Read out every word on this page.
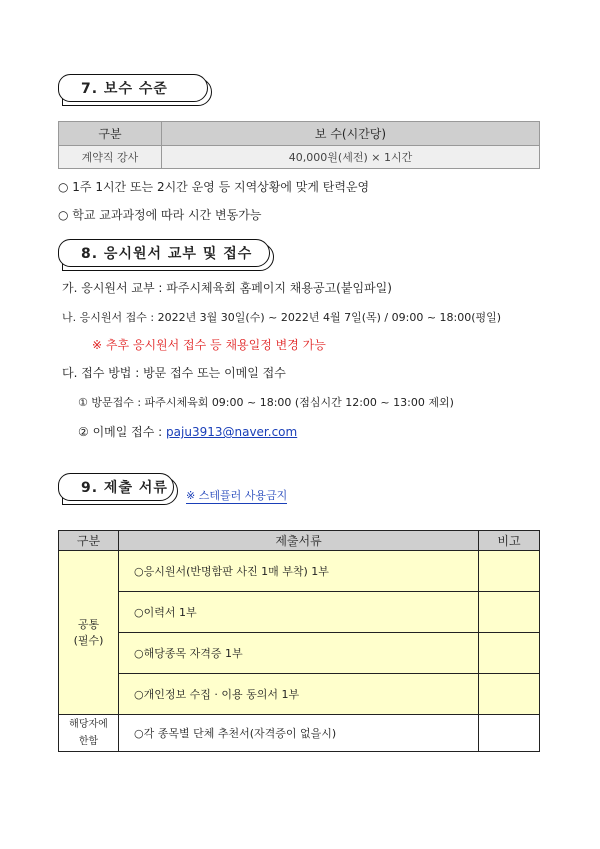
7. 보수 수준
구분	보 수(시간당)
계약직 강사	40,000원(세전) × 1시간
○ 1주 1시간 또는 2시간 운영 등 지역상황에 맞게 탄력운영
○ 학교 교과과정에 따라 시간 변동가능
8. 응시원서 교부 및 접수
가. 응시원서 교부 : 파주시체육회 홈페이지 채용공고(붙임파일)
나. 응시원서 접수 : 2022년 3월 30일(수) ~ 2022년 4월 7일(목) / 09:00 ~ 18:00(평일)
※ 추후 응시원서 접수 등 채용일정 변경 가능
다. 접수 방법 : 방문 접수 또는 이메일 접수
① 방문접수 : 파주시체육회 09:00 ~ 18:00 (점심시간 12:00 ~ 13:00 제외)
② 이메일 접수 : paju3913@naver.com
9. 제출 서류	※ 스테플러 사용금지
구분	제출서류	비고
공통
(필수)	○응시원서(반명함판 사진 1매 부착) 1부	
	○이력서 1부	
	○해당종목 자격증 1부	
	○개인정보 수집 · 이용 동의서 1부	
해당자에
한함	○각 종목별 단체 추천서(자격증이 없을시)	
